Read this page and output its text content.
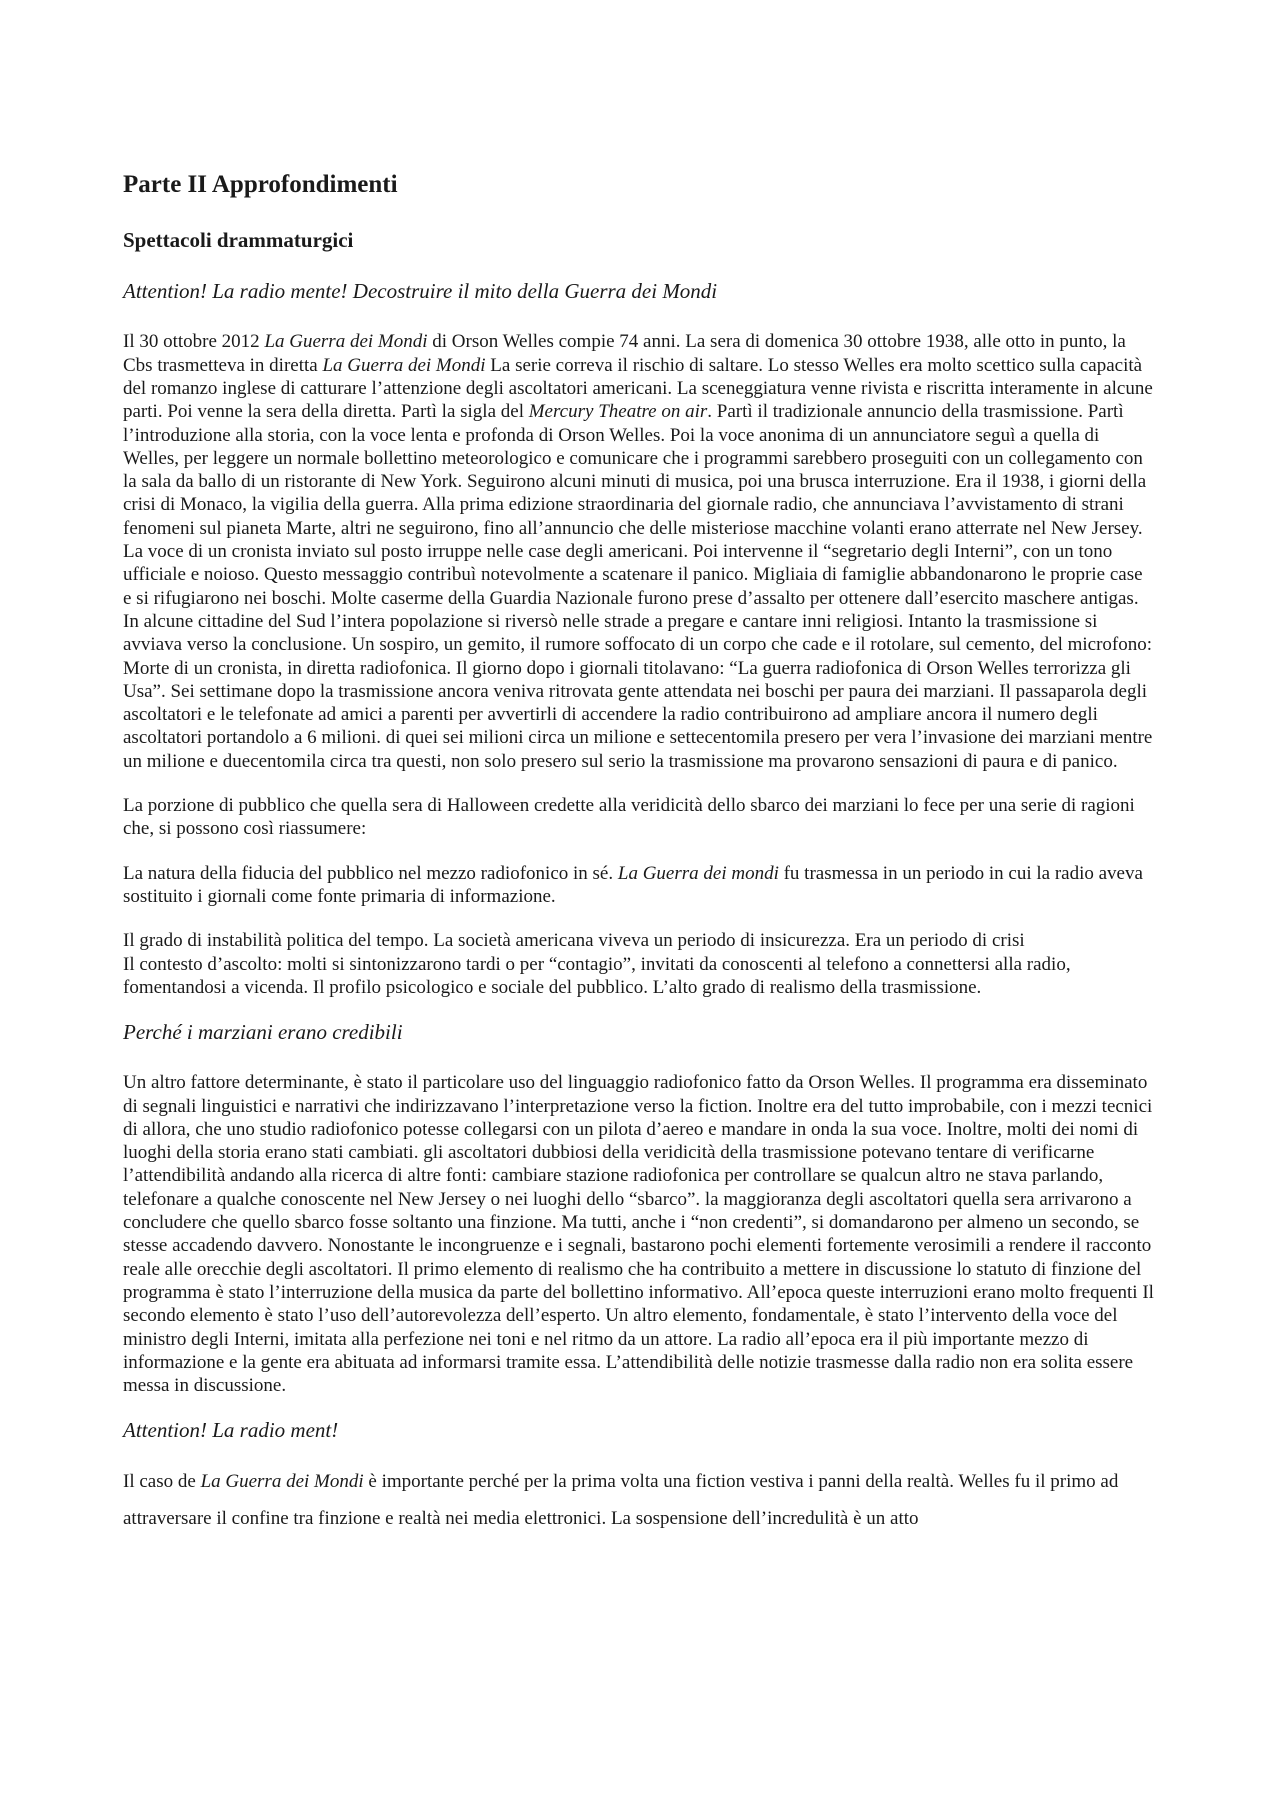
Parte II Approfondimenti
Spettacoli drammaturgici
Attention! La radio mente! Decostruire il mito della Guerra dei Mondi

Il 30 ottobre 2012 La Guerra dei Mondi di Orson Welles compie 74 anni. La sera di domenica 30 ottobre 1938, alle otto in punto, la Cbs trasmetteva in diretta La Guerra dei Mondi La serie correva il rischio di saltare. Lo stesso Welles era molto scettico sulla capacità del romanzo inglese di catturare l’attenzione degli ascoltatori americani. La sceneggiatura venne rivista e riscritta interamente in alcune parti. Poi venne la sera della diretta. Partì la sigla del Mercury Theatre on air. Partì il tradizionale annuncio della trasmissione. Partì l’introduzione alla storia, con la voce lenta e profonda di Orson Welles. Poi la voce anonima di un annunciatore seguì a quella di Welles, per leggere un normale bollettino meteorologico e comunicare che i programmi sarebbero proseguiti con un collegamento con la sala da ballo di un ristorante di New York. Seguirono alcuni minuti di musica, poi una brusca interruzione. Era il 1938, i giorni della crisi di Monaco, la vigilia della guerra. Alla prima edizione straordinaria del giornale radio, che annunciava l’avvistamento di strani fenomeni sul pianeta Marte, altri ne seguirono, fino all’annuncio che delle misteriose macchine volanti erano atterrate nel New Jersey. La voce di un cronista inviato sul posto irruppe nelle case degli americani. Poi intervenne il “segretario degli Interni”, con un tono ufficiale e noioso. Questo messaggio contribuì notevolmente a scatenare il panico. Migliaia di famiglie abbandonarono le proprie case e si rifugiarono nei boschi. Molte caserme della Guardia Nazionale furono prese d’assalto per ottenere dall’esercito maschere antigas. In alcune cittadine del Sud l’intera popolazione si riversò nelle strade a pregare e cantare inni religiosi. Intanto la trasmissione si avviava verso la conclusione. Un sospiro, un gemito, il rumore soffocato di un corpo che cade e il rotolare, sul cemento, del microfono: Morte di un cronista, in diretta radiofonica. Il giorno dopo i giornali titolavano: “La guerra radiofonica di Orson Welles terrorizza gli Usa”. Sei settimane dopo la trasmissione ancora veniva ritrovata gente attendata nei boschi per paura dei marziani. Il passaparola degli ascoltatori e le telefonate ad amici a parenti per avvertirli di accendere la radio contribuirono ad ampliare ancora il numero degli ascoltatori portandolo a 6 milioni. di quei sei milioni circa un milione e settecentomila presero per vera l’invasione dei marziani mentre un milione e duecentomila circa tra questi, non solo presero sul serio la trasmissione ma provarono sensazioni di paura e di panico.

La porzione di pubblico che quella sera di Halloween credette alla veridicità dello sbarco dei marziani lo fece per una serie di ragioni che, si possono così riassumere:

La natura della fiducia del pubblico nel mezzo radiofonico in sé. La Guerra dei mondi fu trasmessa in un periodo in cui la radio aveva sostituito i giornali come fonte primaria di informazione.

Il grado di instabilità politica del tempo. La società americana viveva un periodo di insicurezza. Era un periodo di crisi

Il contesto d’ascolto: molti si sintonizzarono tardi o per “contagio”, invitati da conoscenti al telefono a connettersi alla radio, fomentandosi a vicenda. Il profilo psicologico e sociale del pubblico. L’alto grado di realismo della trasmissione.

Perché i marziani erano credibili

Un altro fattore determinante, è stato il particolare uso del linguaggio radiofonico fatto da Orson Welles. Il programma era disseminato di segnali linguistici e narrativi che indirizzavano l’interpretazione verso la fiction. Inoltre era del tutto improbabile, con i mezzi tecnici di allora, che uno studio radiofonico potesse collegarsi con un pilota d’aereo e mandare in onda la sua voce. Inoltre, molti dei nomi di luoghi della storia erano stati cambiati. gli ascoltatori dubbiosi della veridicità della trasmissione potevano tentare di verificarne l’attendibilità andando alla ricerca di altre fonti: cambiare stazione radiofonica per controllare se qualcun altro ne stava parlando, telefonare a qualche conoscente nel New Jersey o nei luoghi dello “sbarco”. la maggioranza degli ascoltatori quella sera arrivarono a concludere che quello sbarco fosse soltanto una finzione. Ma tutti, anche i “non credenti”, si domandarono per almeno un secondo, se stesse accadendo davvero. Nonostante le incongruenze e i segnali, bastarono pochi elementi fortemente verosimili a rendere il racconto reale alle orecchie degli ascoltatori. Il primo elemento di realismo che ha contribuito a mettere in discussione lo statuto di finzione del programma è stato l’interruzione della musica da parte del bollettino informativo. All’epoca queste interruzioni erano molto frequenti Il secondo elemento è stato l’uso dell’autorevolezza dell’esperto. Un altro elemento, fondamentale, è stato l’intervento della voce del ministro degli Interni, imitata alla perfezione nei toni e nel ritmo da un attore. La radio all’epoca era il più importante mezzo di informazione e la gente era abituata ad informarsi tramite essa. L’attendibilità delle notizie trasmesse dalla radio non era solita essere messa in discussione.

Attention! La radio ment!

Il caso de La Guerra dei Mondi è importante perché per la prima volta una fiction vestiva i panni della realtà. Welles fu il primo ad attraversare il confine tra finzione e realtà nei media elettronici. La sospensione dell’incredulità è un atto
